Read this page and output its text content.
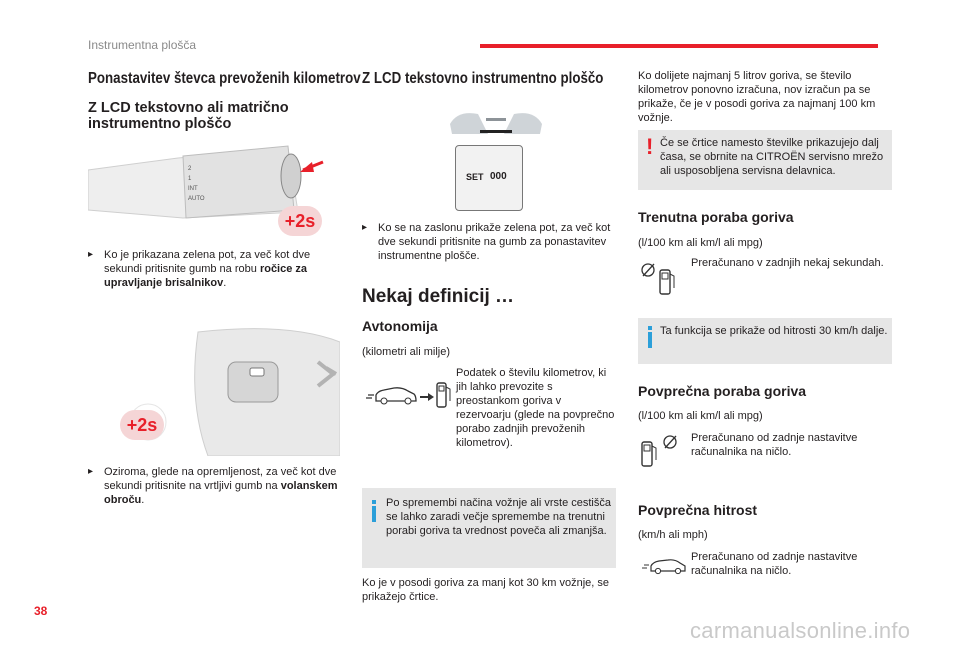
Instrumentna plošča
Ponastavitev števca prevoženih kilometrov
Z LCD tekstovno ali matrično instrumentno ploščo
2
1
INT
AUTO
+2s
▸ Ko je prikazana zelena pot, za več kot dve sekundi pritisnite gumb na robu ročice za upravljanje brisalnikov.
+2s
▸ Oziroma, glede na opremljenost, za več kot dve sekundi pritisnite na vrtljivi gumb na volanskem obroču.
Z LCD tekstovno instrumentno ploščo
SET 000
▸ Ko se na zaslonu prikaže zelena pot, za več kot dve sekundi pritisnite na gumb za ponastavitev instrumentne plošče.
Nekaj definicij …
Avtonomija
(kilometri ali milje)
Podatek o številu kilometrov, ki jih lahko prevozite s preostankom goriva v rezervoarju (glede na povprečno porabo zadnjih prevoženih kilometrov).
Po spremembi načina vožnje ali vrste cestišča se lahko zaradi večje spremembe na trenutni porabi goriva ta vrednost poveča ali zmanjša.
Ko je v posodi goriva za manj kot 30 km vožnje, se prikažejo črtice.
Ko dolijete najmanj 5 litrov goriva, se število kilometrov ponovno izračuna, nov izračun pa se prikaže, če je v posodi goriva za najmanj 100 km vožnje.
! Če se črtice namesto številke prikazujejo dalj časa, se obrnite na CITROËN servisno mrežo ali usposobljena servisna delavnica.
Trenutna poraba goriva
(l/100 km ali km/l ali mpg)
Preračunano v zadnjih nekaj sekundah.
Ta funkcija se prikaže od hitrosti 30 km/h dalje.
Povprečna poraba goriva
(l/100 km ali km/l ali mpg)
Preračunano od zadnje nastavitve računalnika na ničlo.
Povprečna hitrost
(km/h ali mph)
Preračunano od zadnje nastavitve računalnika na ničlo.
38
carmanualsonline.info
